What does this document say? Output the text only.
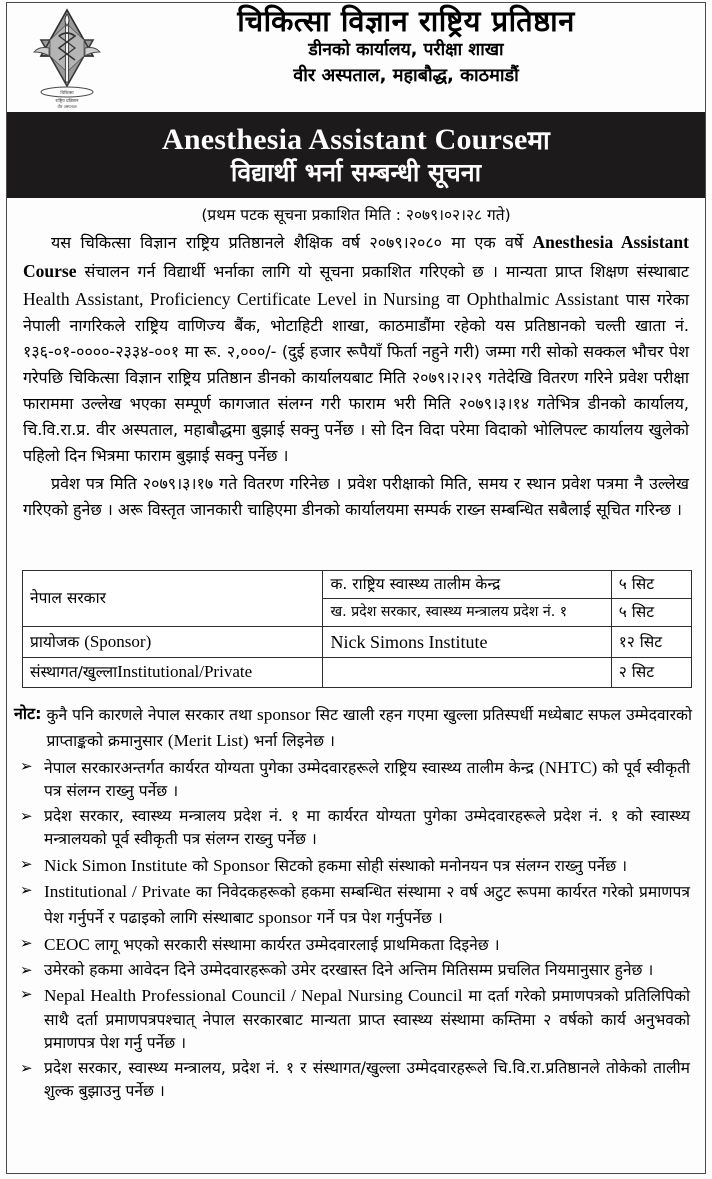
चिकित्सा
राष्ट्रिय प्रतिष्ठान
वीर अस्पताल
चिकित्सा विज्ञान राष्ट्रिय प्रतिष्ठान
डीनको कार्यालय, परीक्षा शाखा
वीर अस्पताल, महाबौद्ध, काठमाडौं
Anesthesia Assistant Courseमा
विद्यार्थी भर्ना सम्बन्धी सूचना
(प्रथम पटक सूचना प्रकाशित मिति : २०७९।०२।२८ गते)

यस चिकित्सा विज्ञान राष्ट्रिय प्रतिष्ठानले शैक्षिक वर्ष २०७९।२०८० मा एक वर्षे Anesthesia Assistant Course संचालन गर्न विद्यार्थी भर्नाका लागि यो सूचना प्रकाशित गरिएको छ । मान्यता प्राप्त शिक्षण संस्थाबाट Health Assistant, Proficiency Certificate Level in Nursing वा Ophthalmic Assistant पास गरेका नेपाली नागरिकले राष्ट्रिय वाणिज्य बैंक, भोटाहिटी शाखा, काठमाडौंमा रहेको यस प्रतिष्ठानको चल्ती खाता नं. १३६-०१-००००-२३३४-००१ मा रू. २,०००/- (दुई हजार रूपैयाँ फिर्ता नहुने गरी) जम्मा गरी सोको सक्कल भौचर पेश गरेपछि चिकित्सा विज्ञान राष्ट्रिय प्रतिष्ठान डीनको कार्यालयबाट मिति २०७९।२।२९ गतेदेखि वितरण गरिने प्रवेश परीक्षा फाराममा उल्लेख भएका सम्पूर्ण कागजात संलग्न गरी फाराम भरी मिति २०७९।३।१४ गतेभित्र डीनको कार्यालय, चि.वि.रा.प्र. वीर अस्पताल, महाबौद्धमा बुझाई सक्नु पर्नेछ । सो दिन विदा परेमा विदाको भोलिपल्ट कार्यालय खुलेको पहिलो दिन भित्रमा फाराम बुझाई सक्नु पर्नेछ ।

प्रवेश पत्र मिति २०७९।३।१७ गते वितरण गरिनेछ । प्रवेश परीक्षाको मिति, समय र स्थान प्रवेश पत्रमा नै उल्लेख गरिएको हुनेछ । अरू विस्तृत जानकारी चाहिएमा डीनको कार्यालयमा सम्पर्क राख्न सम्बन्धित सबैलाई सूचित गरिन्छ ।

नेपाल सरकार	क. राष्ट्रिय स्वास्थ्य तालीम केन्द्र	५ सिट
	ख. प्रदेश सरकार, स्वास्थ्य मन्त्रालय प्रदेश नं. १	५ सिट
प्रायोजक (Sponsor)	Nick Simons Institute	१२ सिट
संस्थागत/खुल्लाInstitutional/Private		२ सिट
नोट: कुनै पनि कारणले नेपाल सरकार तथा sponsor सिट खाली रहन गएमा खुल्ला प्रतिस्पर्धी मध्येबाट सफल उम्मेदवारको प्राप्ताङ्कको क्रमानुसार (Merit List) भर्ना लिइनेछ ।
➢ नेपाल सरकारअन्तर्गत कार्यरत योग्यता पुगेका उम्मेदवारहरूले राष्ट्रिय स्वास्थ्य तालीम केन्द्र (NHTC) को पूर्व स्वीकृती पत्र संलग्न राख्नु पर्नेछ ।
➢ प्रदेश सरकार, स्वास्थ्य मन्त्रालय प्रदेश नं. १ मा कार्यरत योग्यता पुगेका उम्मेदवारहरूले प्रदेश नं. १ को स्वास्थ्य मन्त्रालयको पूर्व स्वीकृती पत्र संलग्न राख्नु पर्नेछ ।
➢ Nick Simon Institute को Sponsor सिटको हकमा सोही संस्थाको मनोनयन पत्र संलग्न राख्नु पर्नेछ ।
➢ Institutional / Private का निवेदकहरूको हकमा सम्बन्धित संस्थामा २ वर्ष अटुट रूपमा कार्यरत गरेको प्रमाणपत्र पेश गर्नुपर्ने र पढाइको लागि संस्थाबाट sponsor गर्ने पत्र पेश गर्नुपर्नेछ ।
➢ CEOC लागू भएको सरकारी संस्थामा कार्यरत उम्मेदवारलाई प्राथमिकता दिइनेछ ।
➢ उमेरको हकमा आवेदन दिने उम्मेदवारहरूको उमेर दरखास्त दिने अन्तिम मितिसम्म प्रचलित नियमानुसार हुनेछ ।
➢ Nepal Health Professional Council / Nepal Nursing Council मा दर्ता गरेको प्रमाणपत्रको प्रतिलिपिको साथै दर्ता प्रमाणपत्रपश्चात् नेपाल सरकारबाट मान्यता प्राप्त स्वास्थ्य संस्थामा कम्तिमा २ वर्षको कार्य अनुभवको प्रमाणपत्र पेश गर्नु पर्नेछ ।
➢ प्रदेश सरकार, स्वास्थ्य मन्त्रालय, प्रदेश नं. १ र संस्थागत/खुल्ला उम्मेदवारहरूले चि.वि.रा.प्रतिष्ठानले तोकेको तालीम शुल्क बुझाउनु पर्नेछ ।
